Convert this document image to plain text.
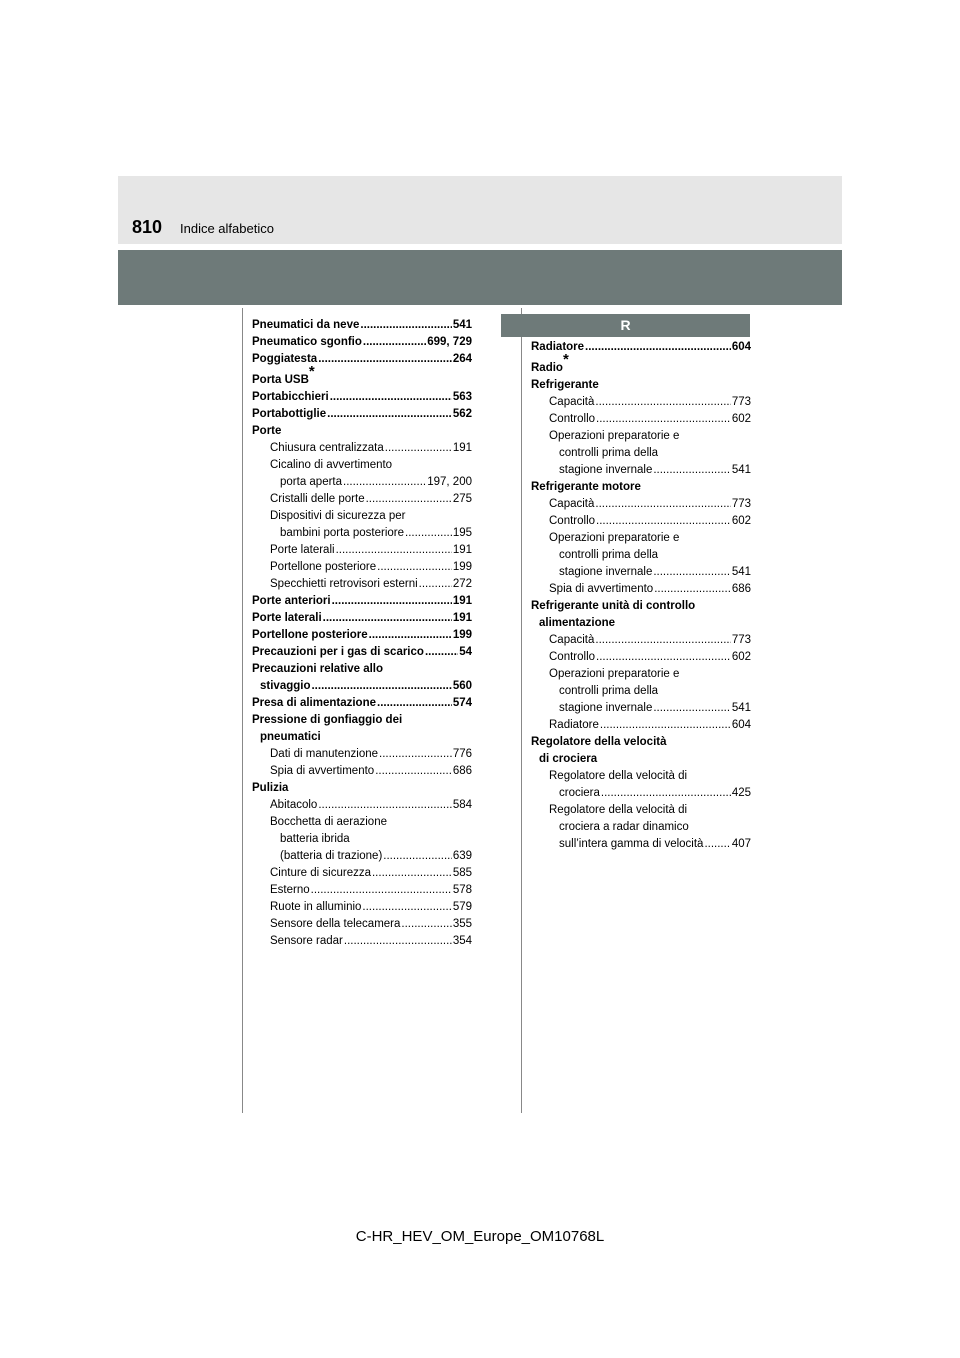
810 Indice alfabetico
Pneumatici da neve .....	541
Pneumatico sgonfio .....	699, 729
Poggiatesta .....	264
Porta USB*
Portabicchieri .....	563
Portabottiglie .....	562
Porte
Chiusura centralizzata .....	191
Cicalino di avvertimento
porta aperta .....	197, 200
Cristalli delle porte .....	275
Dispositivi di sicurezza per
bambini porta posteriore .....	195
Porte laterali .....	191
Portellone posteriore .....	199
Specchietti retrovisori esterni .....	272
Porte anteriori .....	191
Porte laterali .....	191
Portellone posteriore .....	199
Precauzioni per i gas di scarico .....	54
Precauzioni relative allo
stivaggio .....	560
Presa di alimentazione .....	574
Pressione di gonfiaggio dei
pneumatici
Dati di manutenzione .....	776
Spia di avvertimento .....	686
Pulizia
Abitacolo .....	584
Bocchetta di aerazione
batteria ibrida
(batteria di trazione) .....	639
Cinture di sicurezza .....	585
Esterno .....	578
Ruote in alluminio .....	579
Sensore della telecamera .....	355
Sensore radar .....	354
R
Radiatore .....	604
Radio*
Refrigerante
Capacità .....	773
Controllo .....	602
Operazioni preparatorie e
controlli prima della
stagione invernale .....	541
Refrigerante motore
Capacità .....	773
Controllo .....	602
Operazioni preparatorie e
controlli prima della
stagione invernale .....	541
Spia di avvertimento .....	686
Refrigerante unità di controllo
alimentazione
Capacità .....	773
Controllo .....	602
Operazioni preparatorie e
controlli prima della
stagione invernale .....	541
Radiatore .....	604
Regolatore della velocità
di crociera
Regolatore della velocità di
crociera .....	425
Regolatore della velocità di
crociera a radar dinamico
sull’intera gamma di velocità ..... 407
C-HR_HEV_OM_Europe_OM10768L
